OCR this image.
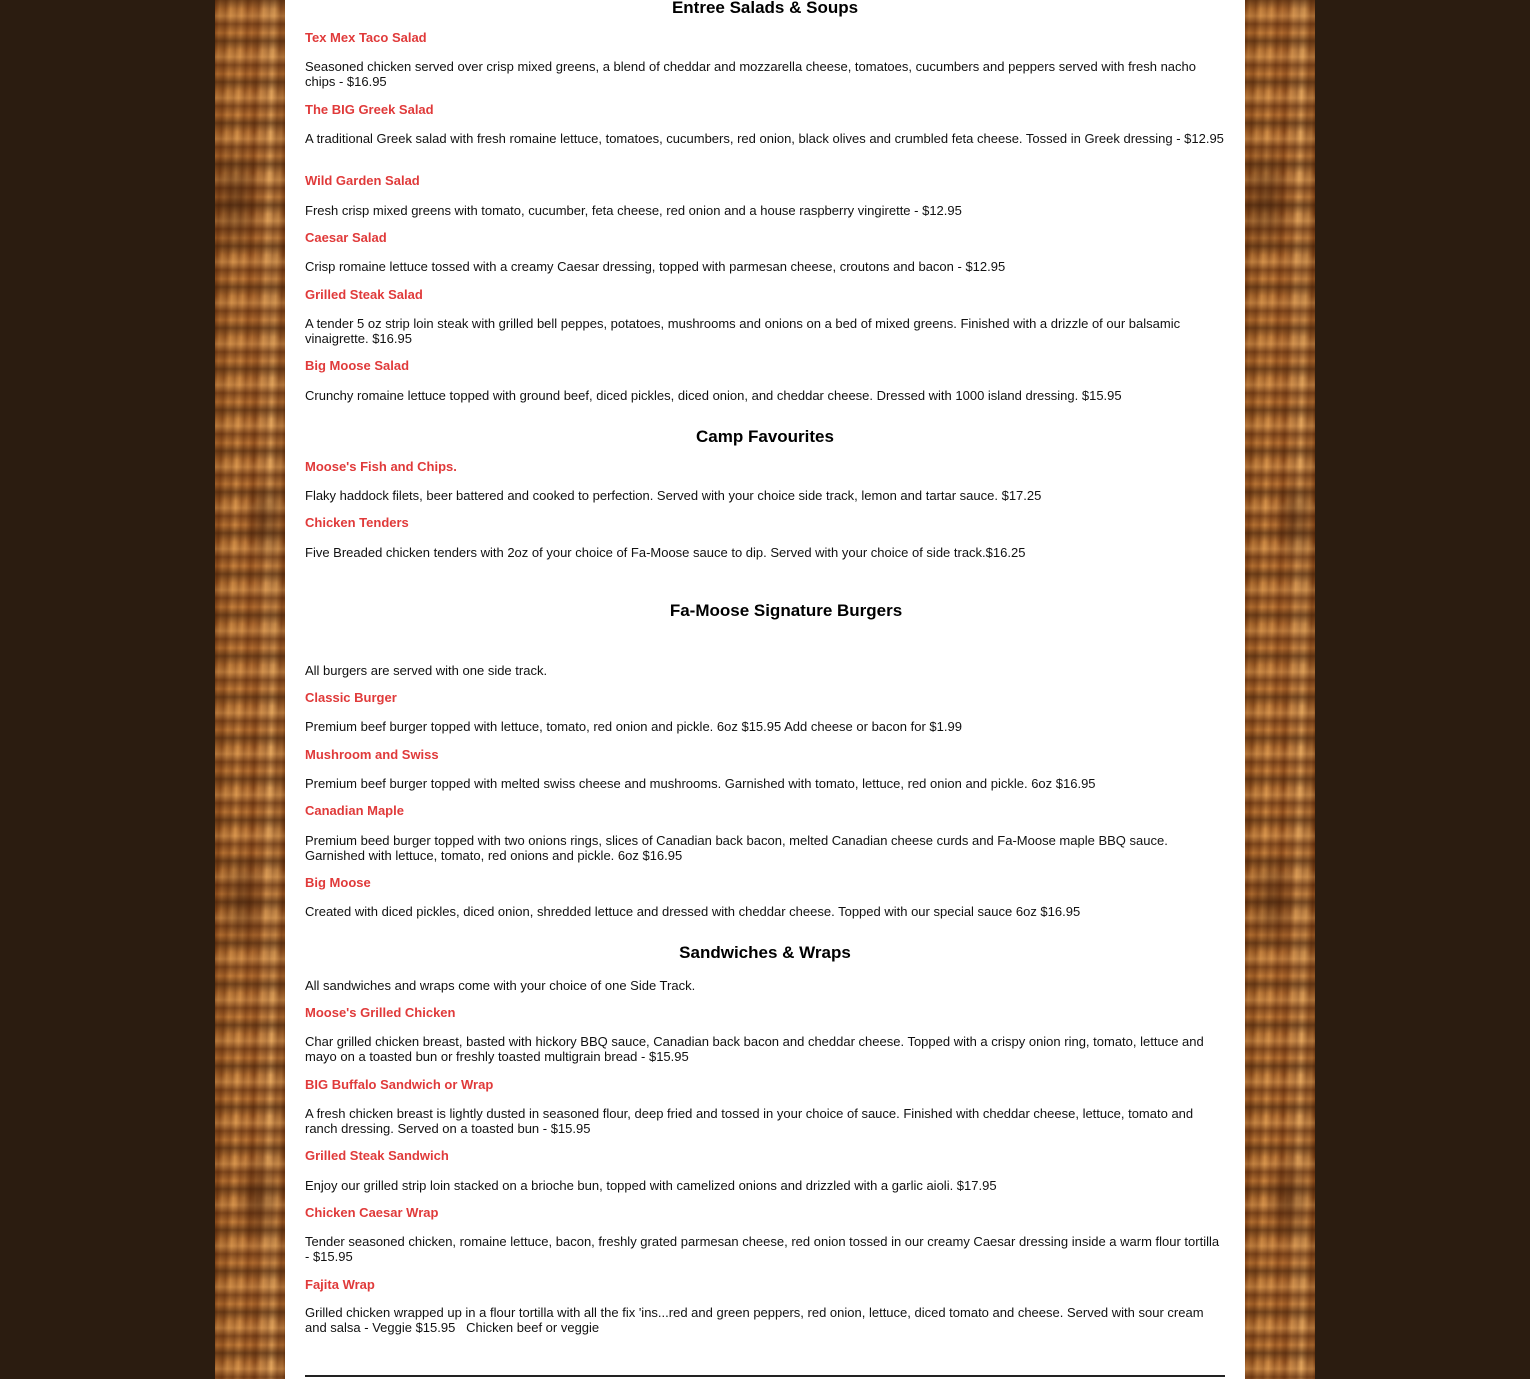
Entree Salads & Soups

Tex Mex Taco Salad

Seasoned chicken served over crisp mixed greens, a blend of cheddar and mozzarella cheese, tomatoes, cucumbers and peppers served with fresh nacho chips - $16.95

The BIG Greek Salad

A traditional Greek salad with fresh romaine lettuce, tomatoes, cucumbers, red onion, black olives and crumbled feta cheese. Tossed in Greek dressing - $12.95

Wild Garden Salad

Fresh crisp mixed greens with tomato, cucumber, feta cheese, red onion and a house raspberry vingirette - $12.95

Caesar Salad

Crisp romaine lettuce tossed with a creamy Caesar dressing, topped with parmesan cheese, croutons and bacon - $12.95

Grilled Steak Salad

A tender 5 oz strip loin steak with grilled bell peppes, potatoes, mushrooms and onions on a bed of mixed greens. Finished with a drizzle of our balsamic vinaigrette. $16.95

Big Moose Salad

Crunchy romaine lettuce topped with ground beef, diced pickles, diced onion, and cheddar cheese. Dressed with 1000 island dressing. $15.95

Camp Favourites

Moose's Fish and Chips.

Flaky haddock filets, beer battered and cooked to perfection. Served with your choice side track, lemon and tartar sauce. $17.25

Chicken Tenders

Five Breaded chicken tenders with 2oz of your choice of Fa-Moose sauce to dip. Served with your choice of side track.$16.25

Fa-Moose Signature Burgers

All burgers are served with one side track.

Classic Burger

Premium beef burger topped with lettuce, tomato, red onion and pickle. 6oz $15.95 Add cheese or bacon for $1.99

Mushroom and Swiss

Premium beef burger topped with melted swiss cheese and mushrooms. Garnished with tomato, lettuce, red onion and pickle. 6oz $16.95

Canadian Maple

Premium beed burger topped with two onions rings, slices of Canadian back bacon, melted Canadian cheese curds and Fa-Moose maple BBQ sauce. Garnished with lettuce, tomato, red onions and pickle. 6oz $16.95

Big Moose

Created with diced pickles, diced onion, shredded lettuce and dressed with cheddar cheese. Topped with our special sauce 6oz $16.95

Sandwiches & Wraps

All sandwiches and wraps come with your choice of one Side Track.

Moose's Grilled Chicken

Char grilled chicken breast, basted with hickory BBQ sauce, Canadian back bacon and cheddar cheese. Topped with a crispy onion ring, tomato, lettuce and mayo on a toasted bun or freshly toasted multigrain bread - $15.95

BIG Buffalo Sandwich or Wrap

A fresh chicken breast is lightly dusted in seasoned flour, deep fried and tossed in your choice of sauce. Finished with cheddar cheese, lettuce, tomato and ranch dressing. Served on a toasted bun - $15.95

Grilled Steak Sandwich

Enjoy our grilled strip loin stacked on a brioche bun, topped with camelized onions and drizzled with a garlic aioli. $17.95

Chicken Caesar Wrap

Tender seasoned chicken, romaine lettuce, bacon, freshly grated parmesan cheese, red onion tossed in our creamy Caesar dressing inside a warm flour tortilla - $15.95

Fajita Wrap

Grilled chicken wrapped up in a flour tortilla with all the fix 'ins...red and green peppers, red onion, lettuce, diced tomato and cheese. Served with sour cream and salsa - Veggie $15.95   Chicken beef or veggie
